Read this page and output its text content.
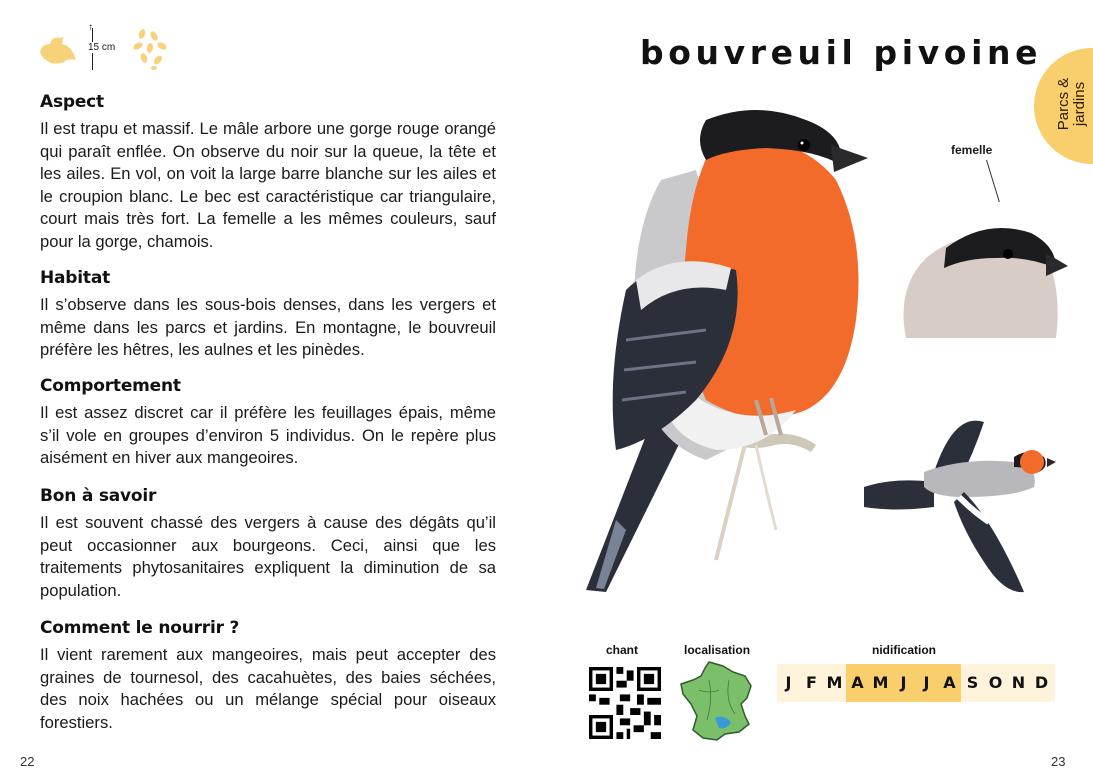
↑
15 cm
Aspect

Il est trapu et massif. Le mâle arbore une gorge rouge orangé qui paraît enflée. On observe du noir sur la queue, la tête et les ailes. En vol, on voit la large barre blanche sur les ailes et le croupion blanc. Le bec est caractéristique car triangulaire, court mais très fort. La femelle a les mêmes couleurs, sauf pour la gorge, chamois.

Habitat

Il s’observe dans les sous-bois denses, dans les vergers et même dans les parcs et jardins. En montagne, le bouvreuil préfère les hêtres, les aulnes et les pinèdes.

Comportement

Il est assez discret car il préfère les feuillages épais, même s’il vole en groupes d’environ 5 individus. On le repère plus aisément en hiver aux mangeoires.

Bon à savoir

Il est souvent chassé des vergers à cause des dégâts qu’il peut occasionner aux bourgeons. Ceci, ainsi que les traitements phytosanitaires expliquent la diminution de sa population.

Comment le nourrir ?

Il vient rarement aux mangeoires, mais peut accepter des graines de tournesol, des cacahuètes, des baies séchées, des noix hachées ou un mélange spécial pour oiseaux forestiers.

22
bouvreuil pivoine
Parcs & jardins
femelle
chant	localisation	nidification
J F M A M J	J A S O N D
23
